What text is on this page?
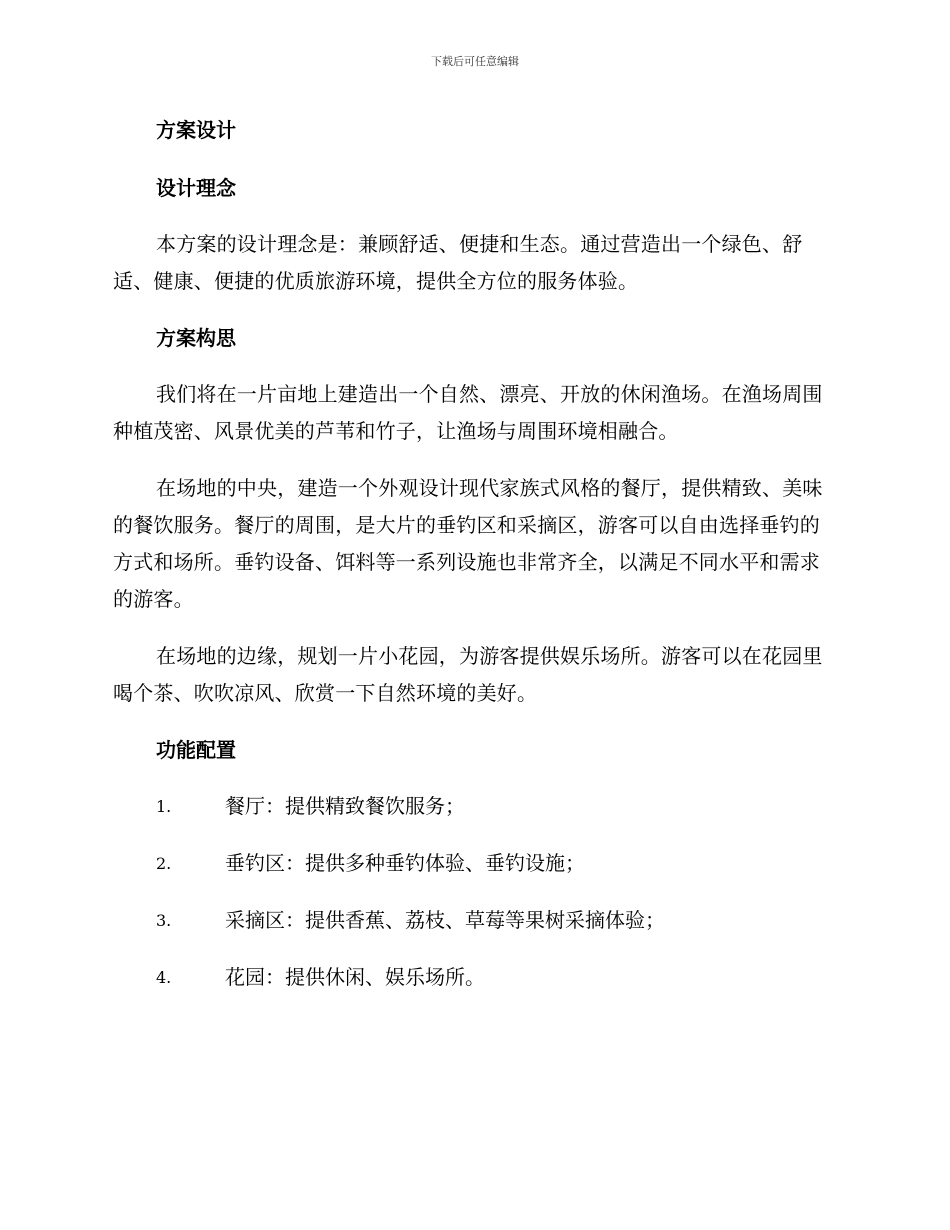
下载后可任意编辑
方案设计
设计理念

本方案的设计理念是：兼顾舒适、便捷和生态。通过营造出一个绿色、舒适、健康、便捷的优质旅游环境，提供全方位的服务体验。

方案构思

我们将在一片亩地上建造出一个自然、漂亮、开放的休闲渔场。在渔场周围种植茂密、风景优美的芦苇和竹子，让渔场与周围环境相融合。

在场地的中央，建造一个外观设计现代家族式风格的餐厅，提供精致、美味的餐饮服务。餐厅的周围，是大片的垂钓区和采摘区，游客可以自由选择垂钓的方式和场所。垂钓设备、饵料等一系列设施也非常齐全，以满足不同水平和需求的游客。

在场地的边缘，规划一片小花园，为游客提供娱乐场所。游客可以在花园里喝个茶、吹吹凉风、欣赏一下自然环境的美好。

功能配置
1.	餐厅：提供精致餐饮服务；
2.	垂钓区：提供多种垂钓体验、垂钓设施；
3.	采摘区：提供香蕉、荔枝、草莓等果树采摘体验；
4.	花园：提供休闲、娱乐场所。
